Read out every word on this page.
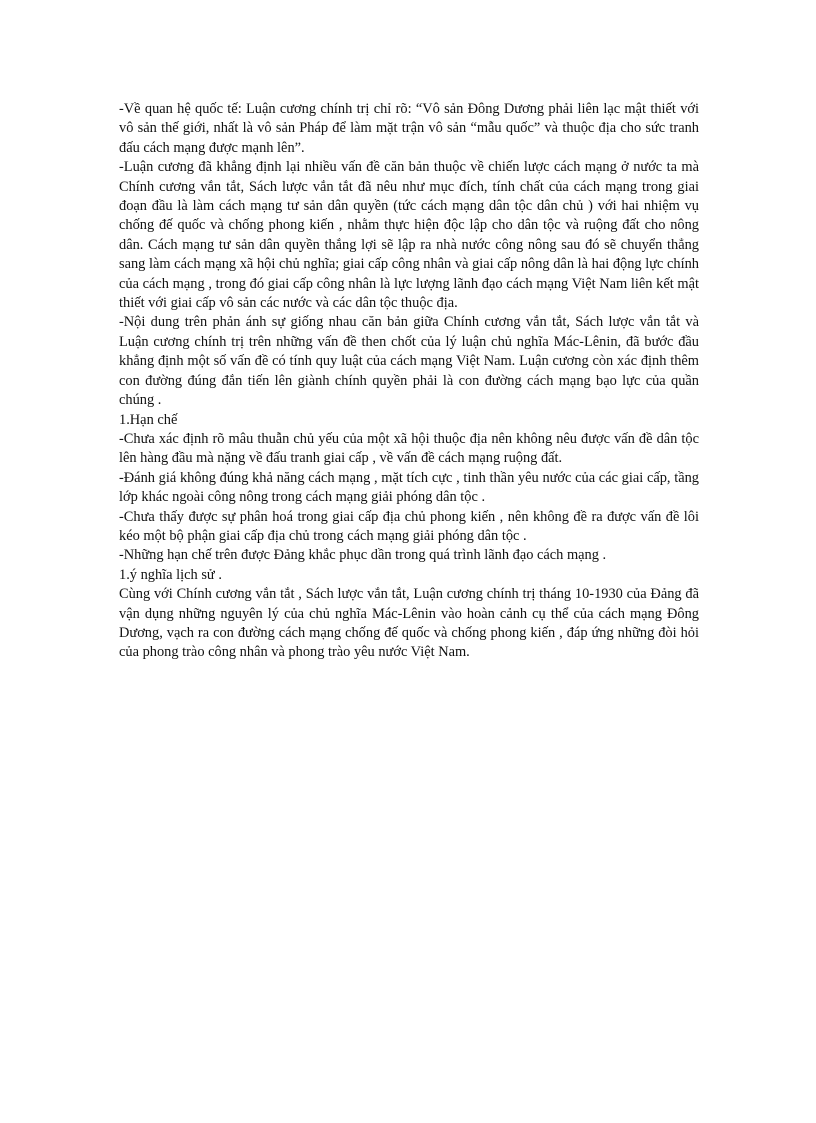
-Về quan hệ quốc tế: Luận cương chính trị chỉ rõ: “Vô sản Đông Dương phải liên lạc mật thiết với vô sản thế giới, nhất là vô sản Pháp để làm mặt trận vô sản “mẫu quốc” và thuộc địa cho sức tranh đấu cách mạng được mạnh lên”.

-Luận cương đã khẳng định lại nhiều vấn đề căn bản thuộc về chiến lược cách mạng ở nước ta mà Chính cương vắn tắt, Sách lược vắn tắt đã nêu như mục đích, tính chất của cách mạng trong giai đoạn đầu là làm cách mạng tư sản dân quyền (tức cách mạng dân tộc dân chủ ) với hai nhiệm vụ chống đế quốc và chống phong kiến , nhằm thực hiện độc lập cho dân tộc và ruộng đất cho nông dân. Cách mạng tư sản dân quyền thắng lợi sẽ lập ra nhà nước công nông sau đó sẽ chuyển thẳng sang làm cách mạng xã hội chủ nghĩa; giai cấp công nhân và giai cấp nông dân là hai động lực chính của cách mạng , trong đó giai cấp công nhân là lực lượng lãnh đạo cách mạng Việt Nam liên kết mật thiết với giai cấp vô sản các nước và các dân tộc thuộc địa.

-Nội dung trên phản ánh sự giống nhau căn bản giữa Chính cương vắn tắt, Sách lược vắn tắt và Luận cương chính trị trên những vấn đề then chốt của lý luận chủ nghĩa Mác-Lênin, đã bước đầu khẳng định một số vấn đề có tính quy luật của cách mạng Việt Nam. Luận cương còn xác định thêm con đường đúng đắn tiến lên giành chính quyền phải là con đường cách mạng bạo lực của quần chúng .

1.Hạn chế

-Chưa xác định rõ mâu thuẫn chủ yếu của một xã hội thuộc địa nên không nêu được vấn đề dân tộc lên hàng đầu mà nặng về đấu tranh giai cấp , về vấn đề cách mạng ruộng đất.

-Đánh giá không đúng khả năng cách mạng , mặt tích cực , tinh thần yêu nước của các giai cấp, tầng lớp khác ngoài công nông trong cách mạng giải phóng dân tộc .

-Chưa thấy được sự phân hoá trong giai cấp địa chủ phong kiến , nên không đề ra được vấn đề lôi kéo một bộ phận giai cấp địa chủ trong cách mạng giải phóng dân tộc .

-Những hạn chế trên được Đảng khắc phục dần trong quá trình lãnh đạo cách mạng .

1.ý nghĩa lịch sử .

Cùng với Chính cương vắn tắt , Sách lược vắn tắt, Luận cương chính trị tháng 10-1930 của Đảng đã vận dụng những nguyên lý của chủ nghĩa Mác-Lênin vào hoàn cảnh cụ thể của cách mạng Đông Dương, vạch ra con đường cách mạng chống đế quốc và chống phong kiến , đáp ứng những đòi hỏi của phong trào công nhân và phong trào yêu nước Việt Nam.
